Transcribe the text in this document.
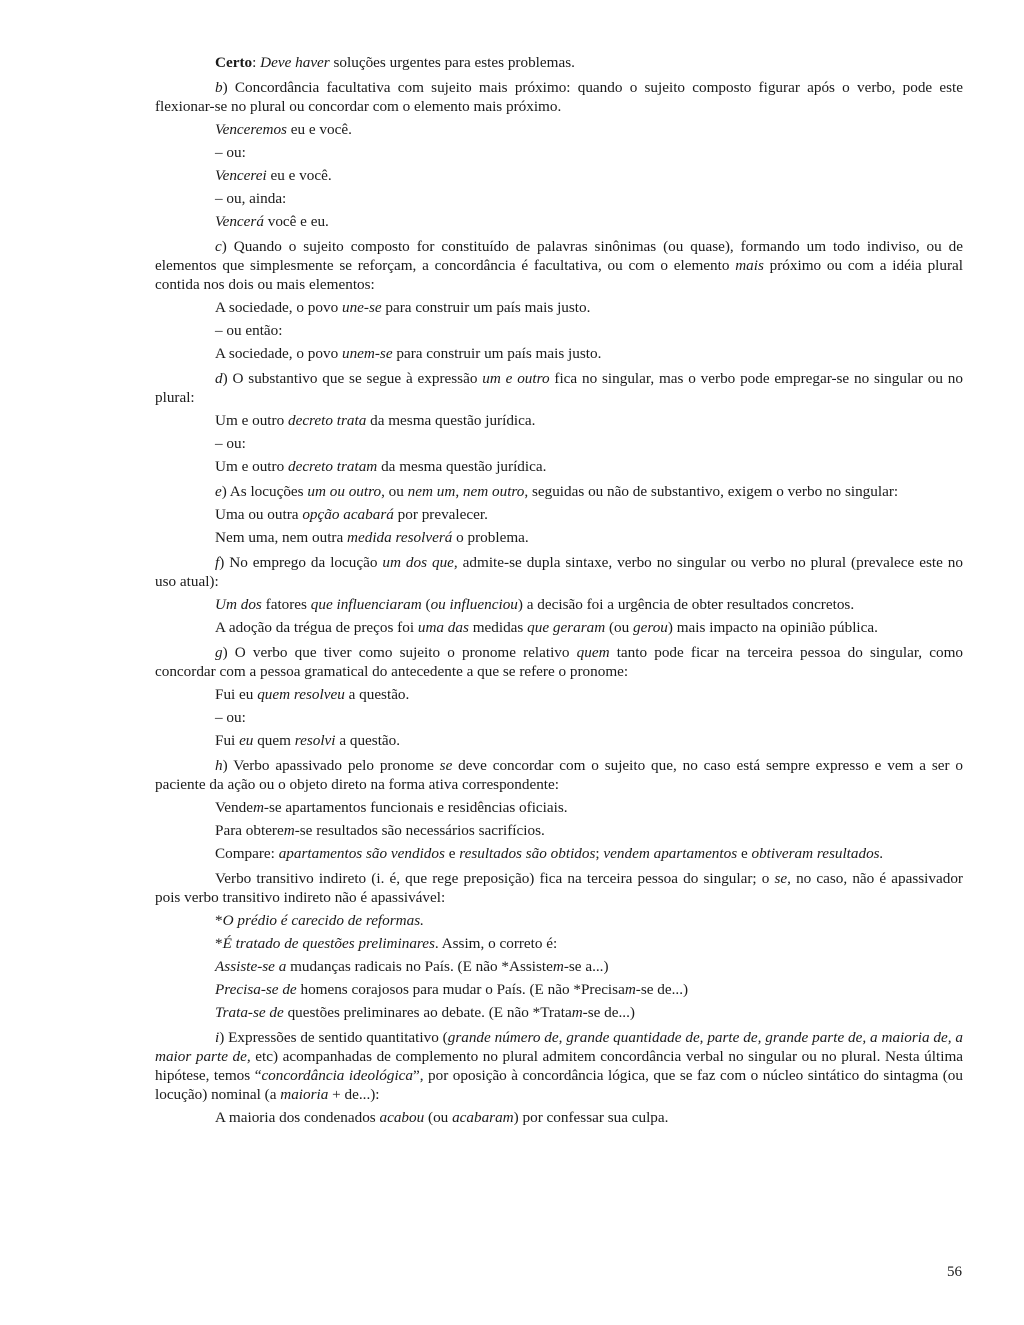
Certo: Deve haver soluções urgentes para estes problemas.

b) Concordância facultativa com sujeito mais próximo: quando o sujeito composto figurar após o verbo, pode este flexionar-se no plural ou concordar com o elemento mais próximo.

Venceremos eu e você.

– ou:

Vencerei eu e você.

– ou, ainda:

Vencerá você e eu.

c) Quando o sujeito composto for constituído de palavras sinônimas (ou quase), formando um todo indiviso, ou de elementos que simplesmente se reforçam, a concordância é facultativa, ou com o elemento mais próximo ou com a idéia plural contida nos dois ou mais elementos:

A sociedade, o povo une-se para construir um país mais justo.

– ou então:

A sociedade, o povo unem-se para construir um país mais justo.

d) O substantivo que se segue à expressão um e outro fica no singular, mas o verbo pode empregar-se no singular ou no plural:

Um e outro decreto trata da mesma questão jurídica.

– ou:

Um e outro decreto tratam da mesma questão jurídica.

e) As locuções um ou outro, ou nem um, nem outro, seguidas ou não de substantivo, exigem o verbo no singular:

Uma ou outra opção acabará por prevalecer.

Nem uma, nem outra medida resolverá o problema.

f) No emprego da locução um dos que, admite-se dupla sintaxe, verbo no singular ou verbo no plural (prevalece este no uso atual):

Um dos fatores que influenciaram (ou influenciou) a decisão foi a urgência de obter resultados concretos.

A adoção da trégua de preços foi uma das medidas que geraram (ou gerou) mais impacto na opinião pública.

g) O verbo que tiver como sujeito o pronome relativo quem tanto pode ficar na terceira pessoa do singular, como concordar com a pessoa gramatical do antecedente a que se refere o pronome:

Fui eu quem resolveu a questão.

– ou:

Fui eu quem resolvi a questão.

h) Verbo apassivado pelo pronome se deve concordar com o sujeito que, no caso está sempre expresso e vem a ser o paciente da ação ou o objeto direto na forma ativa correspondente:

Vendem-se apartamentos funcionais e residências oficiais.

Para obterem-se resultados são necessários sacrifícios.

Compare: apartamentos são vendidos e resultados são obtidos; vendem apartamentos e obtiveram resultados.

Verbo transitivo indireto (i. é, que rege preposição) fica na terceira pessoa do singular; o se, no caso, não é apassivador pois verbo transitivo indireto não é apassivável:

*O prédio é carecido de reformas.

*É tratado de questões preliminares. Assim, o correto é:

Assiste-se a mudanças radicais no País. (E não *Assistem-se a...)

Precisa-se de homens corajosos para mudar o País. (E não *Precisam-se de...)

Trata-se de questões preliminares ao debate. (E não *Tratam-se de...)

i) Expressões de sentido quantitativo (grande número de, grande quantidade de, parte de, grande parte de, a maioria de, a maior parte de, etc) acompanhadas de complemento no plural admitem concordância verbal no singular ou no plural. Nesta última hipótese, temos “concordância ideológica”, por oposição à concordância lógica, que se faz com o núcleo sintático do sintagma (ou locução) nominal (a maioria + de...):

A maioria dos condenados acabou (ou acabaram) por confessar sua culpa.

56
